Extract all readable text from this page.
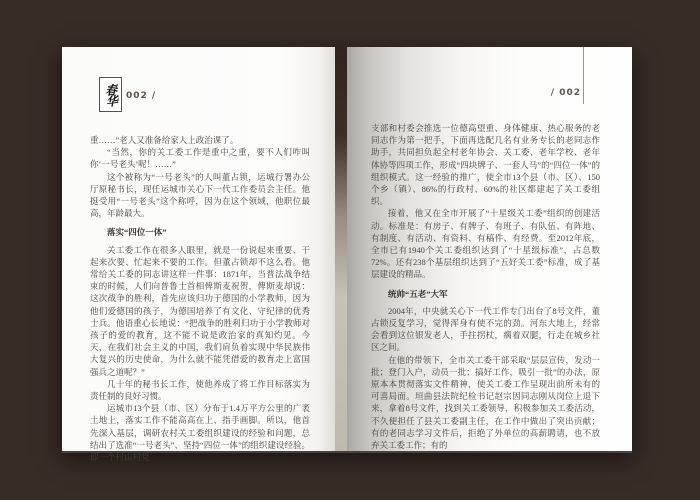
春华 002 /

重……”老人又准备给家人上政治课了。

“当然，你的关工委工作是重中之重，要不人们咋叫你‘一号老头’呢！……”

这个被称为“一号老头”的人叫董占锁，运城行署办公厅原秘书长，现任运城市关心下一代工作委员会主任。他挺受用“一号老头”这个称呼，因为在这个领域，他职位最高，年龄最大。

落实“四位一体”

关工委工作在很多人眼里，就是一份说起来重要、干起来次要、忙起来不要的工作。但董占锁却不这么看。他常给关工委的同志讲这样一件事：1871年，当普法战争结束的时候，人们向普鲁士首相俾斯麦祝贺，俾斯麦却说：这次战争的胜利，首先应该归功于德国的小学教师，因为他们爱德国的孩子，为德国培养了有文化、守纪律的优秀士兵。他语重心长地说：“把战争的胜利归功于小学教师对孩子的爱的教育，这不能不说是政治家的真知灼见。今天，在我们社会主义的中国，我们肩负着实现中华民族伟大复兴的历史使命，为什么就不能凭借爱的教育走上富国强兵之道呢？”

几十年的秘书长工作，使他养成了将工作目标落实为责任制的良好习惯。

运城市13个县（市、区）分布于1.4万平方公里的广袤土地上，落实工作不能高高在上、指手画脚。所以，他首先深入基层，调研农村关工委组织建设的经验和问题，总结出了选准“一号老头”、坚持“四位一体”的组织建设经验。即一个村由村党

/ 002

支部和村委会推选一位德高望重、身体健康、热心服务的老同志作为第一把手，下面再选配几名有业务专长的老同志作助手，共同担负起全村老年协会、关工委、老年学校、老年体协等四项工作，形成“四块牌子、一套人马”的“四位一体”的组织模式。这一经验的推广，使全市13个县（市、区）、150个乡（镇）、86%的行政村、60%的社区都建起了关工委组织。

接着，他又在全市开展了“十星级关工委”组织的创建活动。标准是：有房子、有牌子、有班子、有队伍、有阵地、有制度、有活动、有资料、有稿件、有经费。至2012年底，全市已有1940个关工委组织达到了“十星级标准”，占总数72%。还有238个基层组织达到了“五好关工委”标准，成了基层建设的精品。

统帅“五老”大军

2004年，中央就关心下一代工作专门出台了8号文件，董占锁反复学习，觉得浑身有使不完的劲。河东大地上，经常会看到这位银发老人，手拄拐杖，瘸着双腿，行走在城乡社区之间。

在他的带领下，全市关工委干部采取“层层宣传，发动一批；登门入户，动员一批；搞好工作，吸引一批”的办法，原原本本贯彻落实文件精神，使关工委工作呈现出前所未有的可喜局面。垣曲县法院纪检书记赵宗因同志刚从岗位上退下来，拿着8号文件，找到关工委领导，积极参加关工委活动，不久便担任了县关工委副主任，在工作中做出了突出贡献；有的老同志学习文件后，拒绝了外单位的高薪聘请，也不放弃关工委工作；有的
